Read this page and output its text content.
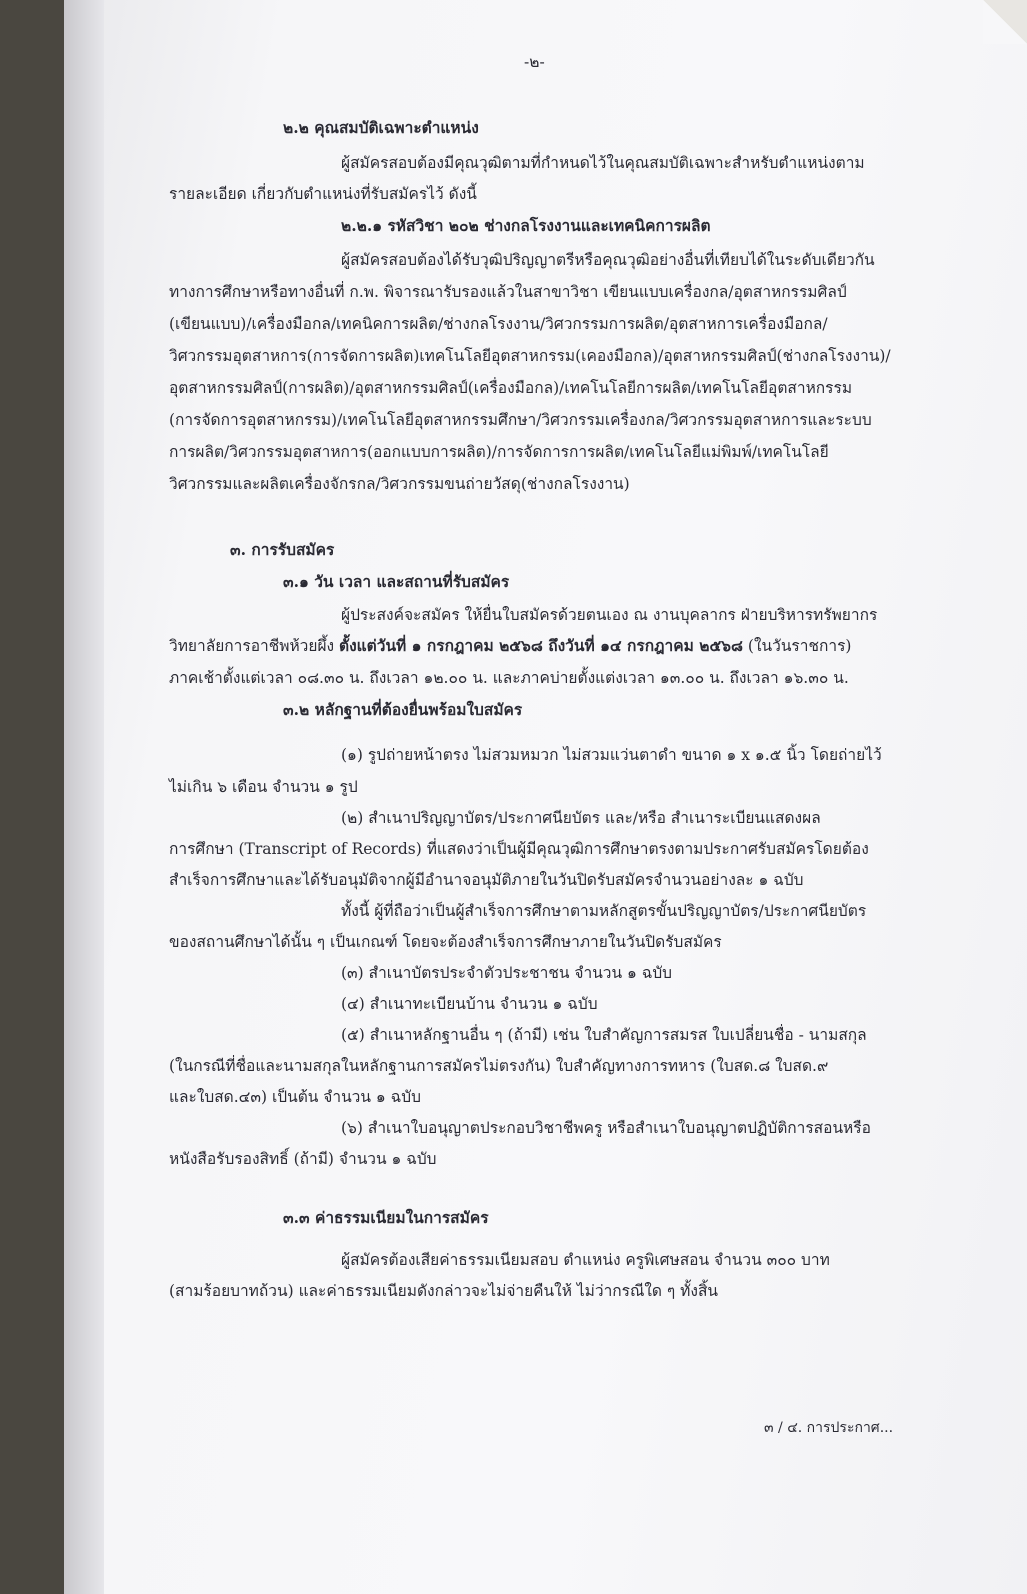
-๒-
๒.๒ คุณสมบัติเฉพาะตำแหน่ง
ผู้สมัครสอบต้องมีคุณวุฒิตามที่กำหนดไว้ในคุณสมบัติเฉพาะสำหรับตำแหน่งตาม
รายละเอียด เกี่ยวกับตำแหน่งที่รับสมัครไว้ ดังนี้
๒.๒.๑ รหัสวิชา ๒๐๒ ช่างกลโรงงานและเทคนิคการผลิต
ผู้สมัครสอบต้องได้รับวุฒิปริญญาตรีหรือคุณวุฒิอย่างอื่นที่เทียบได้ในระดับเดียวกัน
ทางการศึกษาหรือทางอื่นที่ ก.พ. พิจารณารับรองแล้วในสาขาวิชา เขียนแบบเครื่องกล/อุตสาหกรรมศิลป์
(เขียนแบบ)/เครื่องมือกล/เทคนิคการผลิต/ช่างกลโรงงาน/วิศวกรรมการผลิต/อุตสาหการเครื่องมือกล/
วิศวกรรมอุตสาหการ(การจัดการผลิต)เทคโนโลยีอุตสาหกรรม(เคองมือกล)/อุตสาหกรรมศิลป์(ช่างกลโรงงาน)/
อุตสาหกรรมศิลป์(การผลิต)/อุตสาหกรรมศิลป์(เครื่องมือกล)/เทคโนโลยีการผลิต/เทคโนโลยีอุตสาหกรรม
(การจัดการอุตสาหกรรม)/เทคโนโลยีอุตสาหกรรมศึกษา/วิศวกรรมเครื่องกล/วิศวกรรมอุตสาหการและระบบ
การผลิต/วิศวกรรมอุตสาหการ(ออกแบบการผลิต)/การจัดการการผลิต/เทคโนโลยีแม่พิมพ์/เทคโนโลยี
วิศวกรรมและผลิตเครื่องจักรกล/วิศวกรรมขนถ่ายวัสดุ(ช่างกลโรงงาน)
๓. การรับสมัคร
๓.๑ วัน เวลา และสถานที่รับสมัคร
ผู้ประสงค์จะสมัคร ให้ยื่นใบสมัครด้วยตนเอง ณ งานบุคลากร ฝ่ายบริหารทรัพยากร
วิทยาลัยการอาชีพห้วยผึ้ง ตั้งแต่วันที่ ๑ กรกฎาคม ๒๕๖๘ ถึงวันที่ ๑๔ กรกฎาคม ๒๕๖๘ (ในวันราชการ)
ภาคเช้าตั้งแต่เวลา ๐๘.๓๐ น. ถึงเวลา ๑๒.๐๐ น. และภาคบ่ายตั้งแต่งเวลา ๑๓.๐๐ น. ถึงเวลา ๑๖.๓๐ น.
๓.๒ หลักฐานที่ต้องยื่นพร้อมใบสมัคร
(๑) รูปถ่ายหน้าตรง ไม่สวมหมวก ไม่สวมแว่นตาดำ ขนาด ๑ x ๑.๕ นิ้ว โดยถ่ายไว้
ไม่เกิน ๖ เดือน จำนวน ๑ รูป
(๒) สำเนาปริญญาบัตร/ประกาศนียบัตร และ/หรือ สำเนาระเบียนแสดงผล
การศึกษา (Transcript of Records) ที่แสดงว่าเป็นผู้มีคุณวุฒิการศึกษาตรงตามประกาศรับสมัครโดยต้อง
สำเร็จการศึกษาและได้รับอนุมัติจากผู้มีอำนาจอนุมัติภายในวันปิดรับสมัครจำนวนอย่างละ ๑ ฉบับ
ทั้งนี้ ผู้ที่ถือว่าเป็นผู้สำเร็จการศึกษาตามหลักสูตรขั้นปริญญาบัตร/ประกาศนียบัตร
ของสถานศึกษาได้นั้น ๆ เป็นเกณฑ์ โดยจะต้องสำเร็จการศึกษาภายในวันปิดรับสมัคร
(๓) สำเนาบัตรประจำตัวประชาชน จำนวน ๑ ฉบับ
(๔) สำเนาทะเบียนบ้าน จำนวน ๑ ฉบับ
(๕) สำเนาหลักฐานอื่น ๆ (ถ้ามี) เช่น ใบสำคัญการสมรส ใบเปลี่ยนชื่อ - นามสกุล
(ในกรณีที่ชื่อและนามสกุลในหลักฐานการสมัครไม่ตรงกัน) ใบสำคัญทางการทหาร (ใบสด.๘ ใบสด.๙
และใบสด.๔๓) เป็นต้น จำนวน ๑ ฉบับ
(๖) สำเนาใบอนุญาตประกอบวิชาชีพครู หรือสำเนาใบอนุญาตปฏิบัติการสอนหรือ
หนังสือรับรองสิทธิ์ (ถ้ามี) จำนวน ๑ ฉบับ
๓.๓ ค่าธรรมเนียมในการสมัคร
ผู้สมัครต้องเสียค่าธรรมเนียมสอบ ตำแหน่ง ครูพิเศษสอน จำนวน ๓๐๐ บาท
(สามร้อยบาทถ้วน) และค่าธรรมเนียมดังกล่าวจะไม่จ่ายคืนให้ ไม่ว่ากรณีใด ๆ ทั้งสิ้น
๓ / ๔. การประกาศ...
